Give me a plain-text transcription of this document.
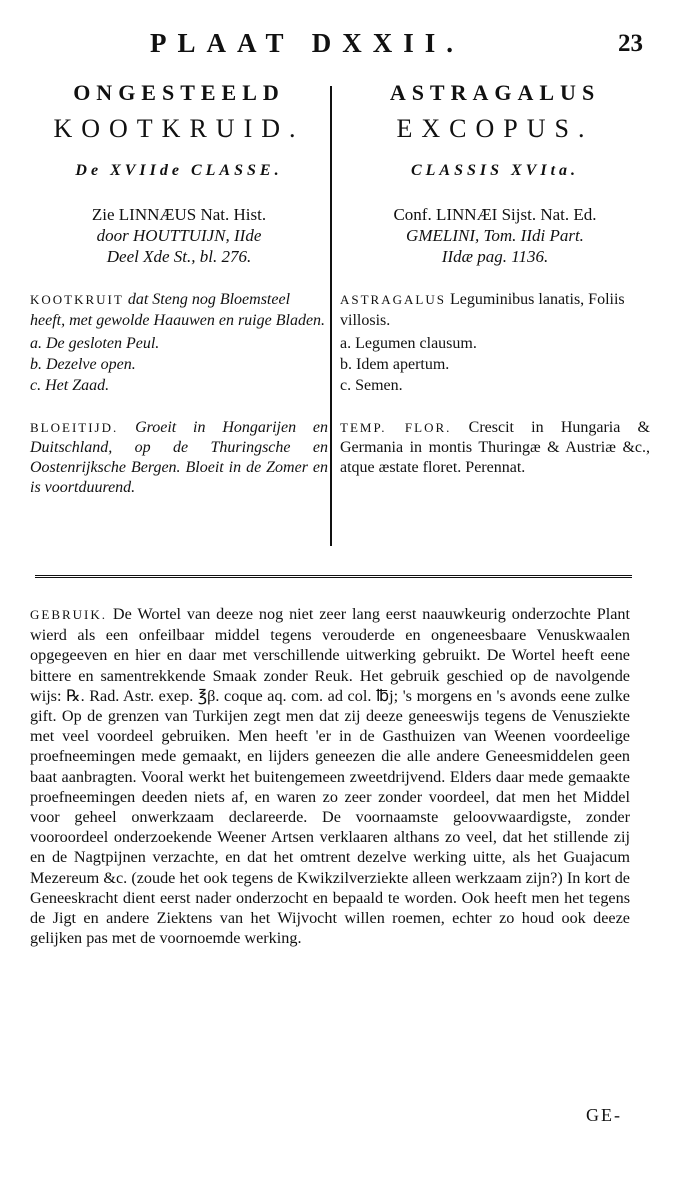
PLAAT DXXII.	23
ONGESTEELD
KOOTKRUID.
De XVIIde CLASSE.
Zie LINNÆUS Nat. Hist.
door HOUTTUIJN, IIde
Deel Xde St., bl. 276.

KOOTKRUIT dat Steng nog Bloemsteel heeft, met gewolde Haauwen en ruige Bladen.

a. De gesloten Peul.
b. Dezelve open.
c. Het Zaad.
BLOEITIJD. Groeit in Hongarijen en Duitschland, op de Thuringsche en Oostenrijksche Bergen. Bloeit in de Zomer en is voortduurend.
ASTRAGALUS
EXCOPUS.
CLASSIS XVIta.
Conf. LINNÆI Sijst. Nat. Ed.
GMELINI, Tom. IIdi Part.
IIdæ pag. 1136.

ASTRAGALUS Leguminibus lanatis, Foliis villosis.

a. Legumen clausum.
b. Idem apertum.
c. Semen.
TEMP. FLOR. Crescit in Hungaria & Germania in montis Thuringæ & Austriæ &c., atque æstate floret. Perennat.
GEBRUIK. De Wortel van deeze nog niet zeer lang eerst naauwkeurig onderzochte Plant wierd als een onfeilbaar middel tegens verouderde en ongeneesbaare Venuskwaalen opgegeeven en hier en daar met verschillende uitwerking gebruikt. De Wortel heeft eene bittere en samentrekkende Smaak zonder Reuk. Het gebruik geschied op de navolgende wijs: ℞. Rad. Astr. exep. ℥β. coque aq. com. ad col. ℔j; 's morgens en 's avonds eene zulke gift. Op de grenzen van Turkijen zegt men dat zij deeze geneeswijs tegens de Venusziekte met veel voordeel gebruiken. Men heeft 'er in de Gasthuizen van Weenen voordeelige proefneemingen mede gemaakt, en lijders geneezen die alle andere Geneesmiddelen geen baat aanbragten. Vooral werkt het buitengemeen zweetdrijvend. Elders daar mede gemaakte proefneemingen deeden niets af, en waren zo zeer zonder voordeel, dat men het Middel voor geheel onwerkzaam declareerde. De voornaamste geloovwaardigste, zonder vooroordeel onderzoekende Weener Artsen verklaaren althans zo veel, dat het stillende zij en de Nagtpijnen verzachte, en dat het omtrent dezelve werking uitte, als het Guajacum Mezereum &c. (zoude het ook tegens de Kwikzilverziekte alleen werkzaam zijn?) In kort de Geneeskracht dient eerst nader onderzocht en bepaald te worden. Ook heeft men het tegens de Jigt en andere Ziektens van het Wijvocht willen roemen, echter zo houd ook deeze gelijken pas met de voornoemde werking.
GE-
